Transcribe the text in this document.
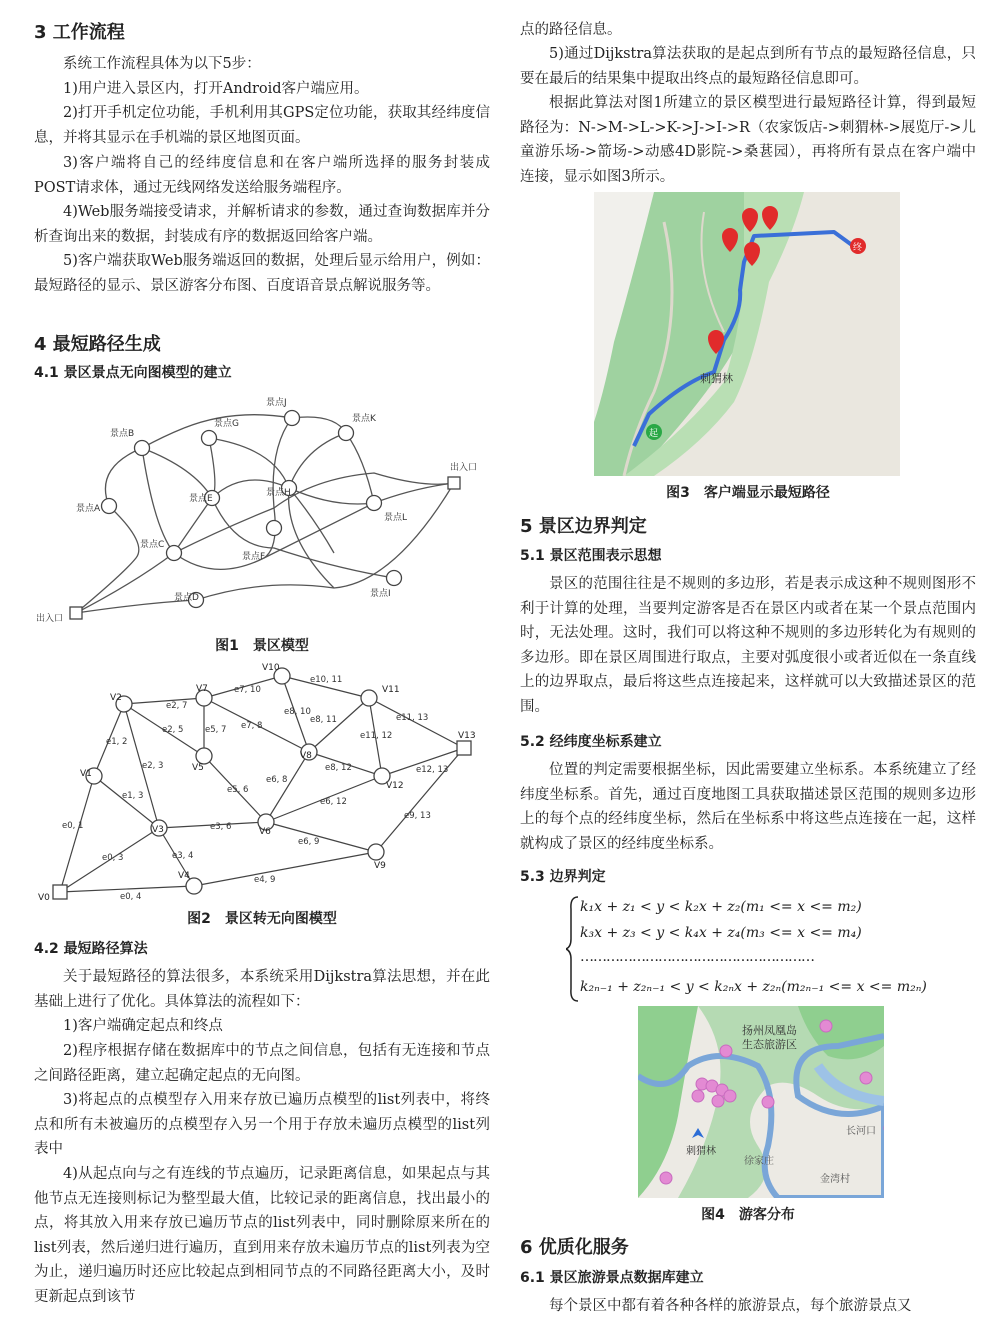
3 工作流程
系统工作流程具体为以下5步：
1)用户进入景区内，打开Android客户端应用。
2)打开手机定位功能，手机利用其GPS定位功能，获取其经纬度信息，并将其显示在手机端的景区地图页面。
3)客户端将自己的经纬度信息和在客户端所选择的服务封装成POST请求体，通过无线网络发送给服务端程序。
4)Web服务端接受请求，并解析请求的参数，通过查询数据库并分析查询出来的数据，封装成有序的数据返回给客户端。
5)客户端获取Web服务端返回的数据，处理后显示给用户，例如：最短路径的显示、景区游客分布图、百度语音景点解说服务等。
4 最短路径生成
4.1 景区景点无向图模型的建立
景点B
景点G
景点J
景点K
景点A
景点E
景点H
景点L
景点C
景点F
景点D	景点I
出入口
出入口
图1　景区模型
V0
V1
V2
V3
V4
V5
V6
V7
V8
V9
V10
V11
V12
V13
e0, 1
e0, 3
e0, 4
e1, 2
e1, 3
e2, 3
e2, 5
e2, 7
e3, 4
e3, 6
e4, 9
e5, 6
e5, 7
e6, 8
e6, 9
e6, 12
e7, 8
e7, 10
e8, 10
e8, 11
e8, 12
e9, 13
e10, 11
e11, 12
e11, 13
e12, 13
图2　景区转无向图模型
4.2 最短路径算法
关于最短路径的算法很多，本系统采用Dijkstra算法思想，并在此基础上进行了优化。具体算法的流程如下：
1)客户端确定起点和终点
2)程序根据存储在数据库中的节点之间信息，包括有无连接和节点之间路径距离，建立起确定起点的无向图。
3)将起点的点模型存入用来存放已遍历点模型的list列表中，将终点和所有未被遍历的点模型存入另一个用于存放未遍历点模型的list列表中
4)从起点向与之有连线的节点遍历，记录距离信息，如果起点与其他节点无连接则标记为整型最大值，比较记录的距离信息，找出最小的点，将其放入用来存放已遍历节点的list列表中，同时删除原来所在的list列表，然后递归进行遍历，直到用来存放未遍历节点的list列表为空为止，递归遍历时还应比较起点到相同节点的不同路径距离大小，及时更新起点到该节
点的路径信息。
5)通过Dijkstra算法获取的是起点到所有节点的最短路径信息，只要在最后的结果集中提取出终点的最短路径信息即可。
根据此算法对图1所建立的景区模型进行最短路径计算，得到最短路径为：N->M->L->K->J->I->R（农家饭店->刺猬林->展览厅->儿童游乐场->箭场->动感4D影院->桑葚园），再将所有景点在客户端中连接，显示如图3所示。
刺猬林
终
起
图3　客户端显示最短路径
5 景区边界判定
5.1 景区范围表示思想
景区的范围往往是不规则的多边形，若是表示成这种不规则图形不利于计算的处理，当要判定游客是否在景区内或者在某一个景点范围内时，无法处理。这时，我们可以将这种不规则的多边形转化为有规则的多边形。即在景区周围进行取点，主要对弧度很小或者近似在一条直线上的边界取点，最后将这些点连接起来，这样就可以大致描述景区的范围。
5.2 经纬度坐标系建立
位置的判定需要根据坐标，因此需要建立坐标系。本系统建立了经纬度坐标系。首先，通过百度地图工具获取描述景区范围的规则多边形上的每个点的经纬度坐标，然后在坐标系中将这些点连接在一起，这样就构成了景区的经纬度坐标系。
5.3 边界判定
k₁x + z₁ < y < k₂x + z₂(m₁ <= x <= m₂)
k₃x + z₃ < y < k₄x + z₄(m₃ <= x <= m₄)
………………………………………………
k₂ₙ₋₁ + z₂ₙ₋₁ < y < k₂ₙx + z₂ₙ(m₂ₙ₋₁ <= x <= m₂ₙ)
扬州凤凰岛
生态旅游区
刺猬林
长河口
徐家庄
金湾村
图4　游客分布
6 优质化服务
6.1 景区旅游景点数据库建立
每个景区中都有着各种各样的旅游景点，每个旅游景点又
